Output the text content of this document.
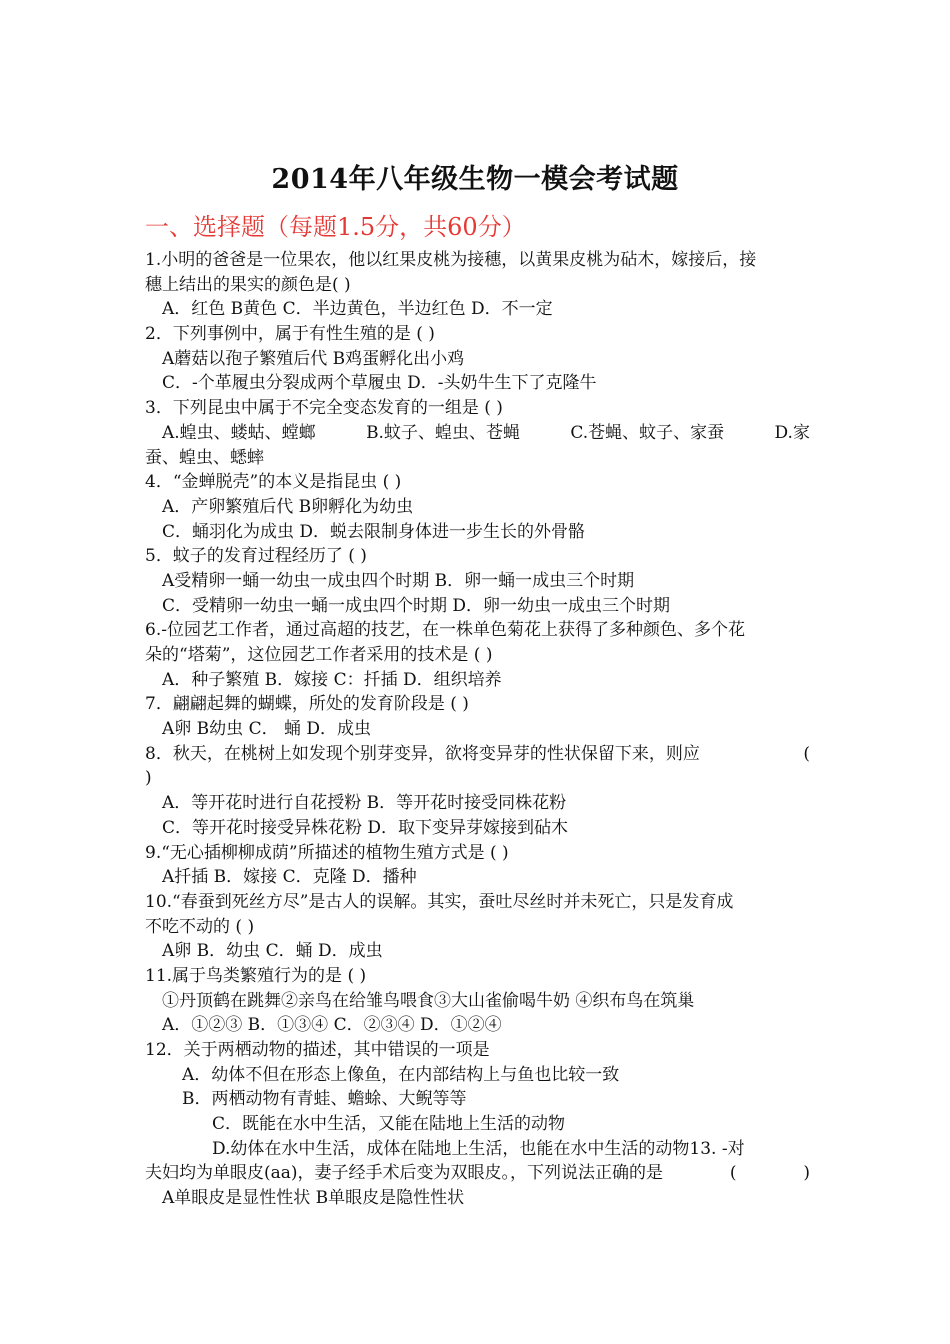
2014年八年级生物一模会考试题
一、选择题（每题1.5分，共60分）
1.小明的爸爸是一位果农，他以红果皮桃为接穗，以黄果皮桃为砧木，嫁接后，接
穗上结出的果实的颜色是( )
A．红色 B黄色 C．半边黄色，半边红色 D．不一定
2．下列事例中，属于有性生殖的是 ( )
A蘑菇以孢子繁殖后代 B鸡蛋孵化出小鸡
C．-个革履虫分裂成两个草履虫 D．-头奶牛生下了克隆牛
3．下列昆虫中属于不完全变态发育的一组是 ( )
A.蝗虫、蝼蛄、螳螂	B.蚊子、蝗虫、苍蝇	C.苍蝇、蚊子、家蚕	D.家
蚕、蝗虫、蟋蟀
4．“金蝉脱壳”的本义是指昆虫 ( )
A．产卵繁殖后代 B卵孵化为幼虫
C．蛹羽化为成虫 D．蜕去限制身体进一步生长的外骨骼
5．蚊子的发育过程经历了 ( )
A受精卵一蛹一幼虫一成虫四个时期 B．卵一蛹一成虫三个时期
C．受精卵一幼虫一蛹一成虫四个时期 D．卵一幼虫一成虫三个时期
6.-位园艺工作者，通过高超的技艺，在一株单色菊花上获得了多种颜色、多个花
朵的“塔菊”，这位园艺工作者采用的技术是 ( )
A．种子繁殖 B．嫁接 C：扦插 D．组织培养
7．翩翩起舞的蝴蝶，所处的发育阶段是 ( )
A卵 B幼虫 C． 蛹 D．成虫
8．秋天，在桃树上如发现个别芽变异，欲将变异芽的性状保留下来，则应	(
)
A．等开花时进行自花授粉 B．等开花时接受同株花粉
C．等开花时接受异株花粉 D．取下变异芽嫁接到砧木
9.“无心插柳柳成荫”所描述的植物生殖方式是 ( )
A扦插 B．嫁接 C．克隆 D．播种
10.“春蚕到死丝方尽”是古人的误解。其实，蚕吐尽丝时并未死亡，只是发育成
不吃不动的 ( )
A卵 B．幼虫 C．蛹 D．成虫
11.属于鸟类繁殖行为的是 ( )
①丹顶鹤在跳舞②亲鸟在给雏鸟喂食③大山雀偷喝牛奶 ④织布鸟在筑巢
A．①②③ B．①③④ C．②③④ D．①②④
12．关于两栖动物的描述，其中错误的一项是
A．幼体不但在形态上像鱼，在内部结构上与鱼也比较一致
B．两栖动物有青蛙、蟾蜍、大鲵等等
C．既能在水中生活，又能在陆地上生活的动物
D.幼体在水中生活，成体在陆地上生活，也能在水中生活的动物13. -对
夫妇均为单眼皮(aa)，妻子经手术后变为双眼皮。，下列说法正确的是	(	)
A单眼皮是显性性状 B单眼皮是隐性性状
